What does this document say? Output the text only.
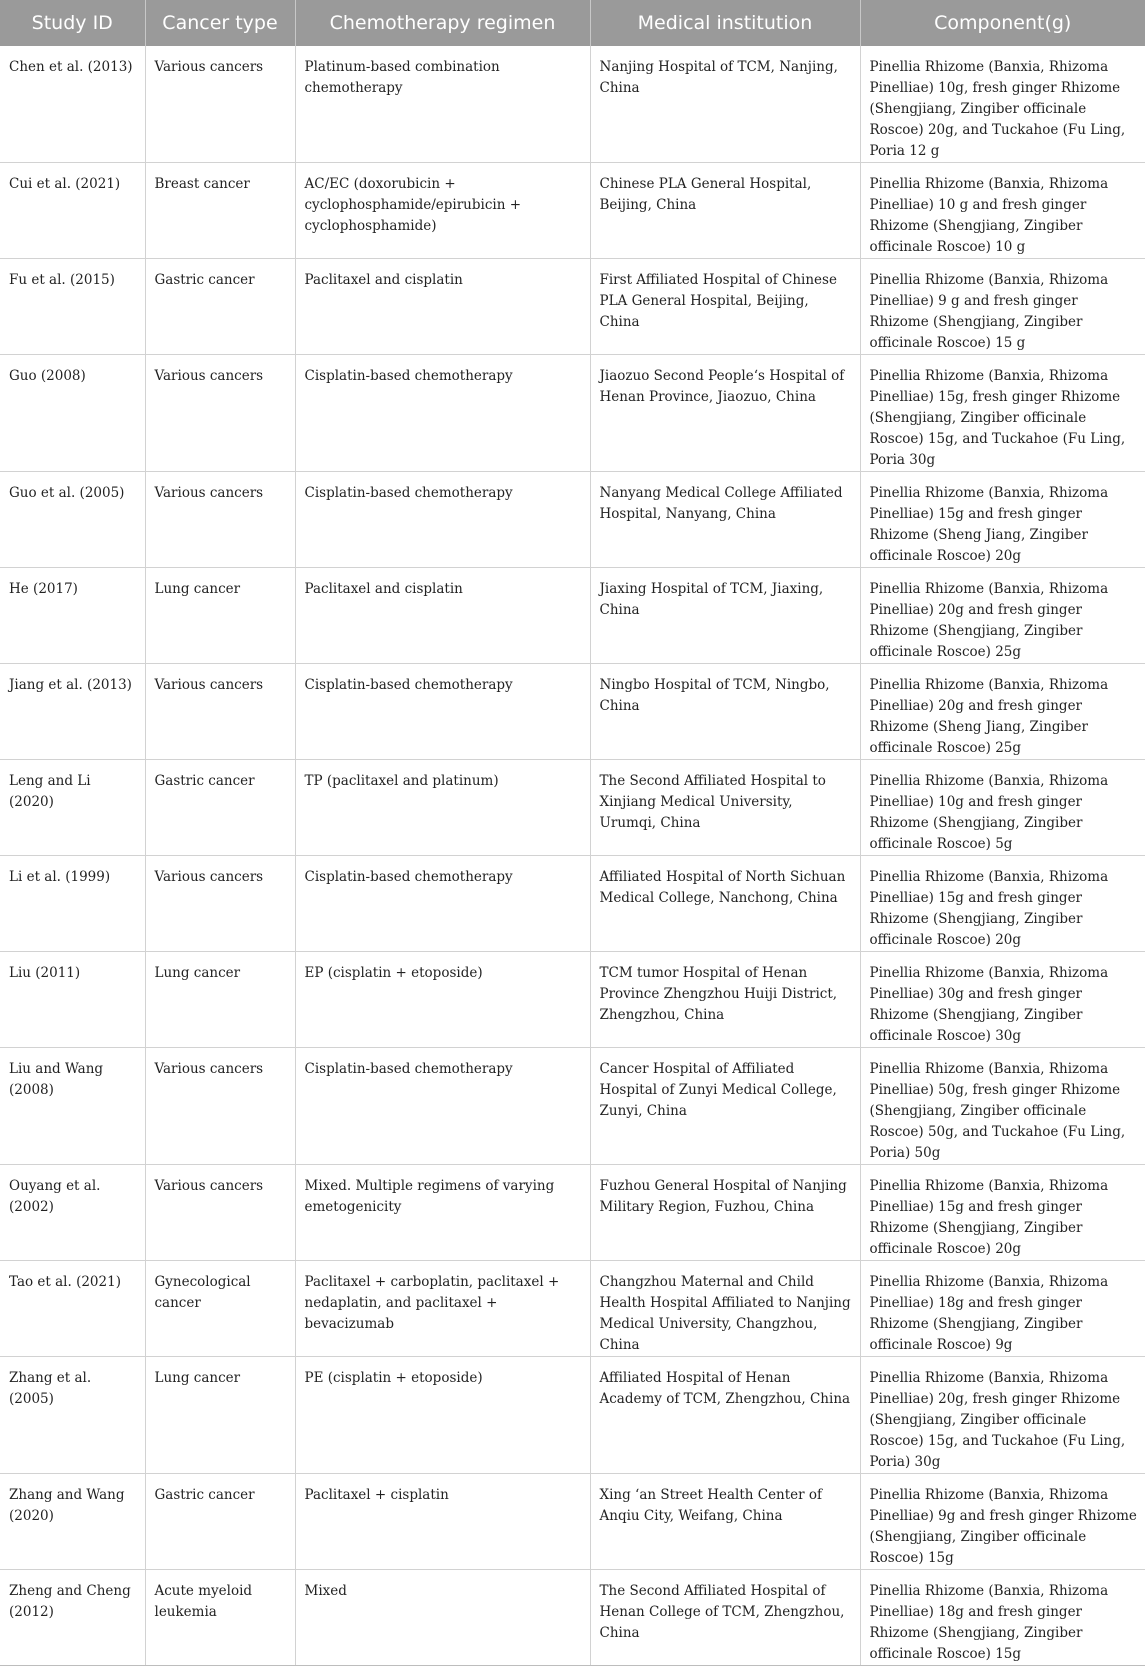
Study ID	Cancer type	Chemotherapy regimen	Medical institution	Component(g)
Chen et al. (2013)	Various cancers	Platinum-based combination chemotherapy	Nanjing Hospital of TCM, Nanjing, China	Pinellia Rhizome (Banxia, Rhizoma Pinelliae) 10g, fresh ginger Rhizome (Shengjiang, Zingiber officinale Roscoe) 20g, and Tuckahoe (Fu Ling, Poria 12 g
Cui et al. (2021)	Breast cancer	AC/EC (doxorubicin + cyclophosphamide/epirubicin + cyclophosphamide)	Chinese PLA General Hospital, Beijing, China	Pinellia Rhizome (Banxia, Rhizoma Pinelliae) 10 g and fresh ginger Rhizome (Shengjiang, Zingiber officinale Roscoe) 10 g
Fu et al. (2015)	Gastric cancer	Paclitaxel and cisplatin	First Affiliated Hospital of Chinese PLA General Hospital, Beijing, China	Pinellia Rhizome (Banxia, Rhizoma Pinelliae) 9 g and fresh ginger Rhizome (Shengjiang, Zingiber officinale Roscoe) 15 g
Guo (2008)	Various cancers	Cisplatin-based chemotherapy	Jiaozuo Second People‘s Hospital of Henan Province, Jiaozuo, China	Pinellia Rhizome (Banxia, Rhizoma Pinelliae) 15g, fresh ginger Rhizome (Shengjiang, Zingiber officinale Roscoe) 15g, and Tuckahoe (Fu Ling, Poria 30g
Guo et al. (2005)	Various cancers	Cisplatin-based chemotherapy	Nanyang Medical College Affiliated Hospital, Nanyang, China	Pinellia Rhizome (Banxia, Rhizoma Pinelliae) 15g and fresh ginger Rhizome (Sheng Jiang, Zingiber officinale Roscoe) 20g
He (2017)	Lung cancer	Paclitaxel and cisplatin	Jiaxing Hospital of TCM, Jiaxing, China	Pinellia Rhizome (Banxia, Rhizoma Pinelliae) 20g and fresh ginger Rhizome (Shengjiang, Zingiber officinale Roscoe) 25g
Jiang et al. (2013)	Various cancers	Cisplatin-based chemotherapy	Ningbo Hospital of TCM, Ningbo, China	Pinellia Rhizome (Banxia, Rhizoma Pinelliae) 20g and fresh ginger Rhizome (Sheng Jiang, Zingiber officinale Roscoe) 25g
Leng and Li (2020)	Gastric cancer	TP (paclitaxel and platinum)	The Second Affiliated Hospital to Xinjiang Medical University, Urumqi, China	Pinellia Rhizome (Banxia, Rhizoma Pinelliae) 10g and fresh ginger Rhizome (Shengjiang, Zingiber officinale Roscoe) 5g
Li et al. (1999)	Various cancers	Cisplatin-based chemotherapy	Affiliated Hospital of North Sichuan Medical College, Nanchong, China	Pinellia Rhizome (Banxia, Rhizoma Pinelliae) 15g and fresh ginger Rhizome (Shengjiang, Zingiber officinale Roscoe) 20g
Liu (2011)	Lung cancer	EP (cisplatin + etoposide)	TCM tumor Hospital of Henan Province Zhengzhou Huiji District, Zhengzhou, China	Pinellia Rhizome (Banxia, Rhizoma Pinelliae) 30g and fresh ginger Rhizome (Shengjiang, Zingiber officinale Roscoe) 30g
Liu and Wang (2008)	Various cancers	Cisplatin-based chemotherapy	Cancer Hospital of Affiliated Hospital of Zunyi Medical College, Zunyi, China	Pinellia Rhizome (Banxia, Rhizoma Pinelliae) 50g, fresh ginger Rhizome (Shengjiang, Zingiber officinale Roscoe) 50g, and Tuckahoe (Fu Ling, Poria) 50g
Ouyang et al. (2002)	Various cancers	Mixed. Multiple regimens of varying emetogenicity	Fuzhou General Hospital of Nanjing Military Region, Fuzhou, China	Pinellia Rhizome (Banxia, Rhizoma Pinelliae) 15g and fresh ginger Rhizome (Shengjiang, Zingiber officinale Roscoe) 20g
Tao et al. (2021)	Gynecological cancer	Paclitaxel + carboplatin, paclitaxel + nedaplatin, and paclitaxel + bevacizumab	Changzhou Maternal and Child Health Hospital Affiliated to Nanjing Medical University, Changzhou, China	Pinellia Rhizome (Banxia, Rhizoma Pinelliae) 18g and fresh ginger Rhizome (Shengjiang, Zingiber officinale Roscoe) 9g
Zhang et al. (2005)	Lung cancer	PE (cisplatin + etoposide)	Affiliated Hospital of Henan Academy of TCM, Zhengzhou, China	Pinellia Rhizome (Banxia, Rhizoma Pinelliae) 20g, fresh ginger Rhizome (Shengjiang, Zingiber officinale Roscoe) 15g, and Tuckahoe (Fu Ling, Poria) 30g
Zhang and Wang (2020)	Gastric cancer	Paclitaxel + cisplatin	Xing ‘an Street Health Center of Anqiu City, Weifang, China	Pinellia Rhizome (Banxia, Rhizoma Pinelliae) 9g and fresh ginger Rhizome (Shengjiang, Zingiber officinale Roscoe) 15g
Zheng and Cheng (2012)	Acute myeloid leukemia	Mixed	The Second Affiliated Hospital of Henan College of TCM, Zhengzhou, China	Pinellia Rhizome (Banxia, Rhizoma Pinelliae) 18g and fresh ginger Rhizome (Shengjiang, Zingiber officinale Roscoe) 15g
